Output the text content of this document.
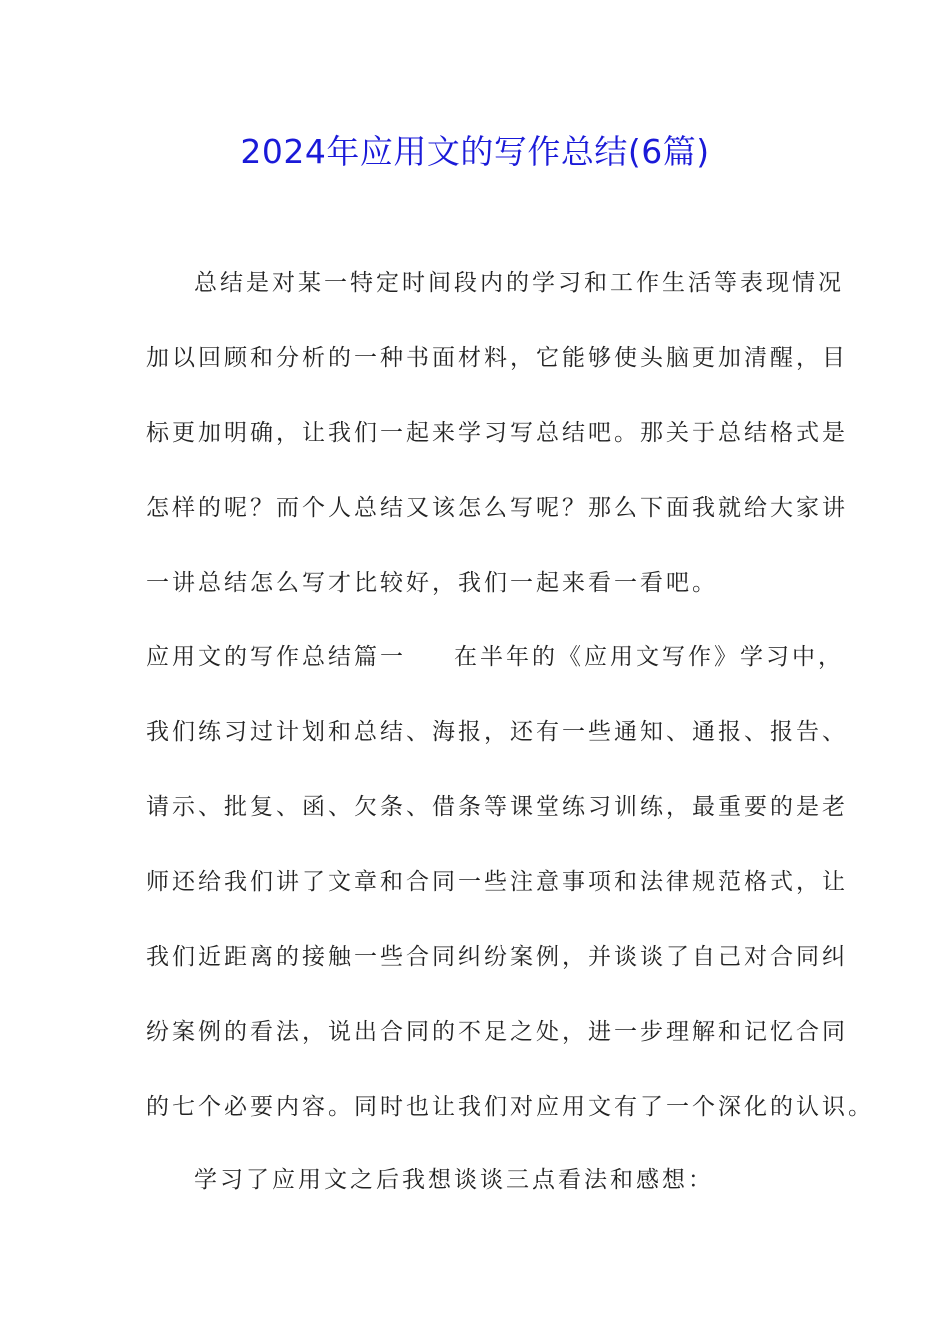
2024年应用文的写作总结(6篇)
总结是对某一特定时间段内的学习和工作生活等表现情况
加以回顾和分析的一种书面材料，它能够使头脑更加清醒，目
标更加明确，让我们一起来学习写总结吧。那关于总结格式是
怎样的呢？而个人总结又该怎么写呢？那么下面我就给大家讲
一讲总结怎么写才比较好，我们一起来看一看吧。
应用文的写作总结篇一 在半年的《应用文写作》学习中，
我们练习过计划和总结、海报，还有一些通知、通报、报告、
请示、批复、函、欠条、借条等课堂练习训练，最重要的是老
师还给我们讲了文章和合同一些注意事项和法律规范格式，让
我们近距离的接触一些合同纠纷案例，并谈谈了自己对合同纠
纷案例的看法，说出合同的不足之处，进一步理解和记忆合同
的七个必要内容。同时也让我们对应用文有了一个深化的认识。
学习了应用文之后我想谈谈三点看法和感想：
